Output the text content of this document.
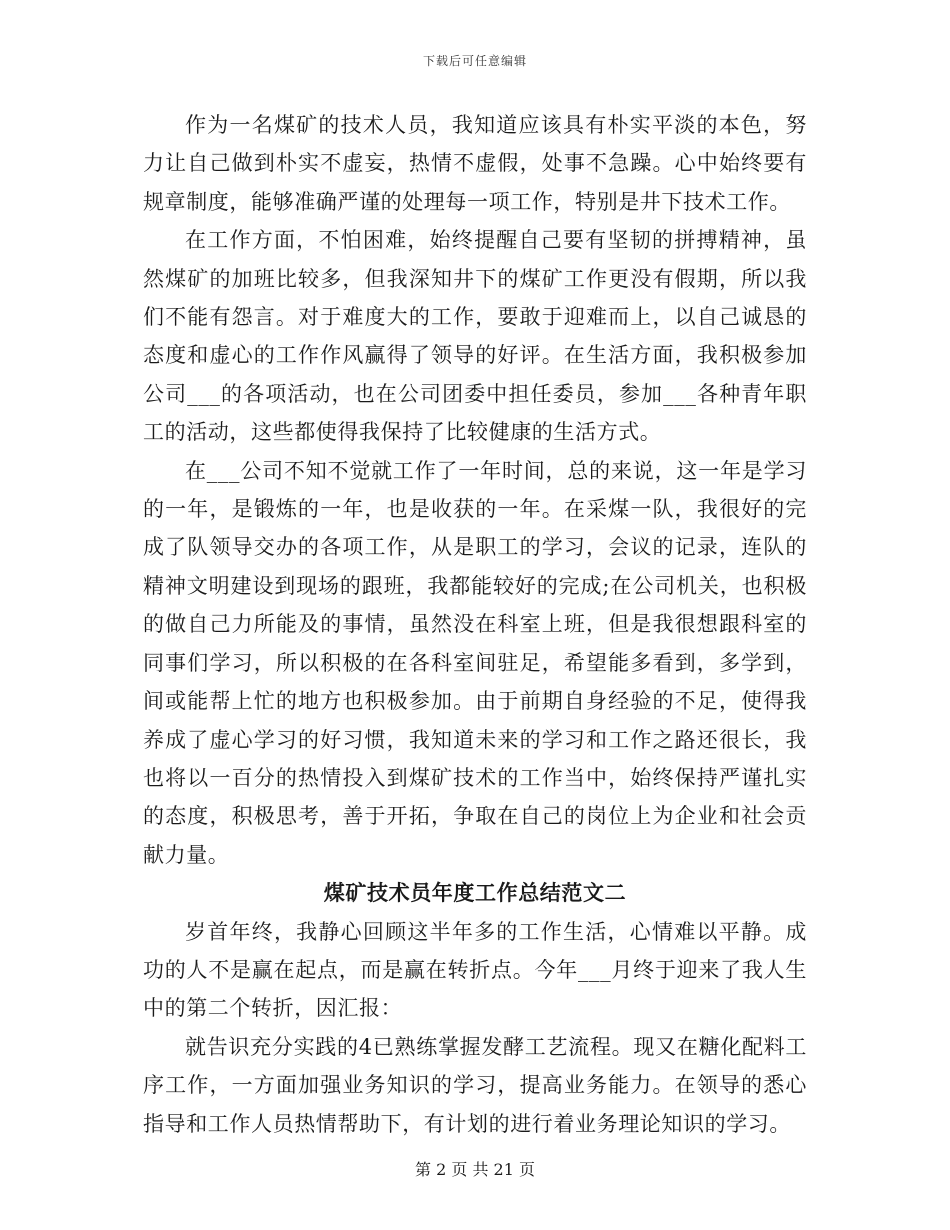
下载后可任意编辑

作为一名煤矿的技术人员，我知道应该具有朴实平淡的本色，努力让自己做到朴实不虚妄，热情不虚假，处事不急躁。心中始终要有规章制度，能够准确严谨的处理每一项工作，特别是井下技术工作。

在工作方面，不怕困难，始终提醒自己要有坚韧的拼搏精神，虽然煤矿的加班比较多，但我深知井下的煤矿工作更没有假期，所以我们不能有怨言。对于难度大的工作，要敢于迎难而上，以自己诚恳的态度和虚心的工作作风赢得了领导的好评。在生活方面，我积极参加公司___的各项活动，也在公司团委中担任委员，参加___各种青年职工的活动，这些都使得我保持了比较健康的生活方式。

在___公司不知不觉就工作了一年时间，总的来说，这一年是学习的一年，是锻炼的一年，也是收获的一年。在采煤一队，我很好的完成了队领导交办的各项工作，从是职工的学习，会议的记录，连队的精神文明建设到现场的跟班，我都能较好的完成;在公司机关，也积极的做自己力所能及的事情，虽然没在科室上班，但是我很想跟科室的同事们学习，所以积极的在各科室间驻足，希望能多看到，多学到，间或能帮上忙的地方也积极参加。由于前期自身经验的不足，使得我养成了虚心学习的好习惯，我知道未来的学习和工作之路还很长，我也将以一百分的热情投入到煤矿技术的工作当中，始终保持严谨扎实的态度，积极思考，善于开拓，争取在自己的岗位上为企业和社会贡献力量。

煤矿技术员年度工作总结范文二

岁首年终，我静心回顾这半年多的工作生活，心情难以平静。成功的人不是赢在起点，而是赢在转折点。今年___月终于迎来了我人生中的第二个转折，因汇报：

就告识充分实践的4已熟练掌握发酵工艺流程。现又在糖化配料工序工作，一方面加强业务知识的学习，提高业务能力。在领导的悉心指导和工作人员热情帮助下，有计划的进行着业务理论知识的学习。

第 2 页 共 21 页
